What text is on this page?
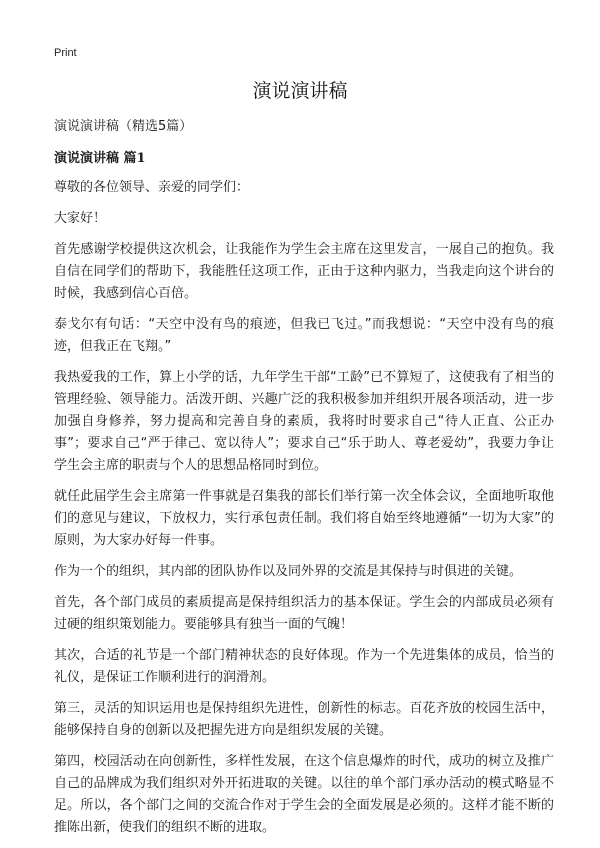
Print
演说演讲稿
演说演讲稿（精选5篇）
演说演讲稿 篇1

尊敬的各位领导、亲爱的同学们：

大家好！

首先感谢学校提供这次机会，让我能作为学生会主席在这里发言，一展自己的抱负。我自信在同学们的帮助下，我能胜任这项工作，正由于这种内驱力，当我走向这个讲台的时候，我感到信心百倍。

泰戈尔有句话：“天空中没有鸟的痕迹，但我已飞过。”而我想说：“天空中没有鸟的痕迹，但我正在飞翔。”

我热爱我的工作，算上小学的话，九年学生干部“工龄”已不算短了，这使我有了相当的管理经验、领导能力。活泼开朗、兴趣广泛的我积极参加并组织开展各项活动，进一步加强自身修养，努力提高和完善自身的素质，我将时时要求自己“待人正直、公正办事”；要求自己“严于律己、宽以待人”；要求自己“乐于助人、尊老爱幼”，我要力争让学生会主席的职责与个人的思想品格同时到位。

就任此届学生会主席第一件事就是召集我的部长们举行第一次全体会议，全面地听取他们的意见与建议，下放权力，实行承包责任制。我们将自始至终地遵循“一切为大家”的原则，为大家办好每一件事。

作为一个的组织，其内部的团队协作以及同外界的交流是其保持与时俱进的关键。

首先，各个部门成员的素质提高是保持组织活力的基本保证。学生会的内部成员必须有过硬的组织策划能力。要能够具有独当一面的气魄！

其次，合适的礼节是一个部门精神状态的良好体现。作为一个先进集体的成员，恰当的礼仪，是保证工作顺利进行的润滑剂。

第三，灵活的知识运用也是保持组织先进性，创新性的标志。百花齐放的校园生活中，能够保持自身的创新以及把握先进方向是组织发展的关键。

第四，校园活动在向创新性，多样性发展，在这个信息爆炸的时代，成功的树立及推广自己的品牌成为我们组织对外开拓进取的关键。以往的单个部门承办活动的模式略显不足。所以，各个部门之间的交流合作对于学生会的全面发展是必须的。这样才能不断的推陈出新，使我们的组织不断的进取。
